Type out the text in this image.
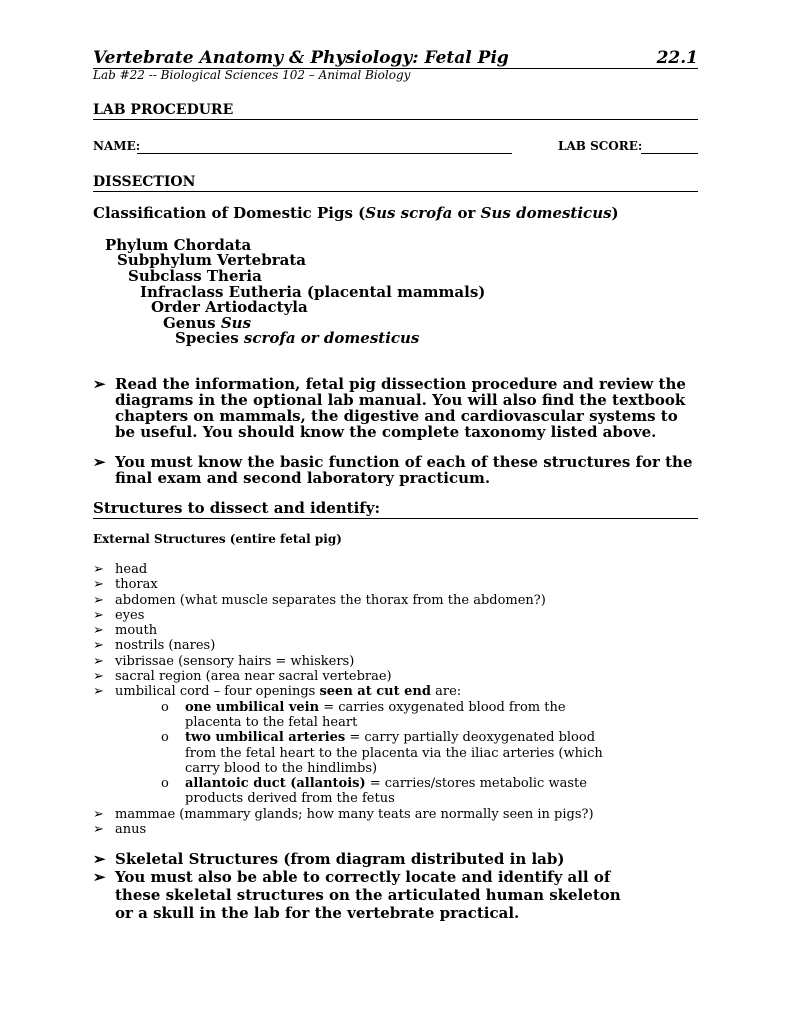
Vertebrate Anatomy & Physiology: Fetal Pig	22.1
Lab #22 -- Biological Sciences 102 – Animal Biology
LAB PROCEDURE
NAME:	LAB SCORE:
DISSECTION
Classification of Domestic Pigs (Sus scrofa or Sus domesticus)
Phylum Chordata
Subphylum Vertebrata
Subclass Theria
Infraclass Eutheria (placental mammals)
Order Artiodactyla
Genus Sus
Species scrofa or domesticus
➢ Read the information, fetal pig dissection procedure and review the diagrams in the optional lab manual. You will also find the textbook chapters on mammals, the digestive and cardiovascular systems to be useful. You should know the complete taxonomy listed above.
➢ You must know the basic function of each of these structures for the final exam and second laboratory practicum.
Structures to dissect and identify:
External Structures (entire fetal pig)
➢ head
➢ thorax
➢ abdomen (what muscle separates the thorax from the abdomen?)
➢ eyes
➢ mouth
➢ nostrils (nares)
➢ vibrissae (sensory hairs = whiskers)
➢ sacral region (area near sacral vertebrae)
➢ umbilical cord – four openings seen at cut end are:
o one umbilical vein = carries oxygenated blood from the placenta to the fetal heart
o two umbilical arteries = carry partially deoxygenated blood from the fetal heart to the placenta via the iliac arteries (which carry blood to the hindlimbs)
o allantoic duct (allantois) = carries/stores metabolic waste products derived from the fetus
➢ mammae (mammary glands; how many teats are normally seen in pigs?)
➢ anus
➢ Skeletal Structures (from diagram distributed in lab)
➢ You must also be able to correctly locate and identify all of these skeletal structures on the articulated human skeleton or a skull in the lab for the vertebrate practical.
